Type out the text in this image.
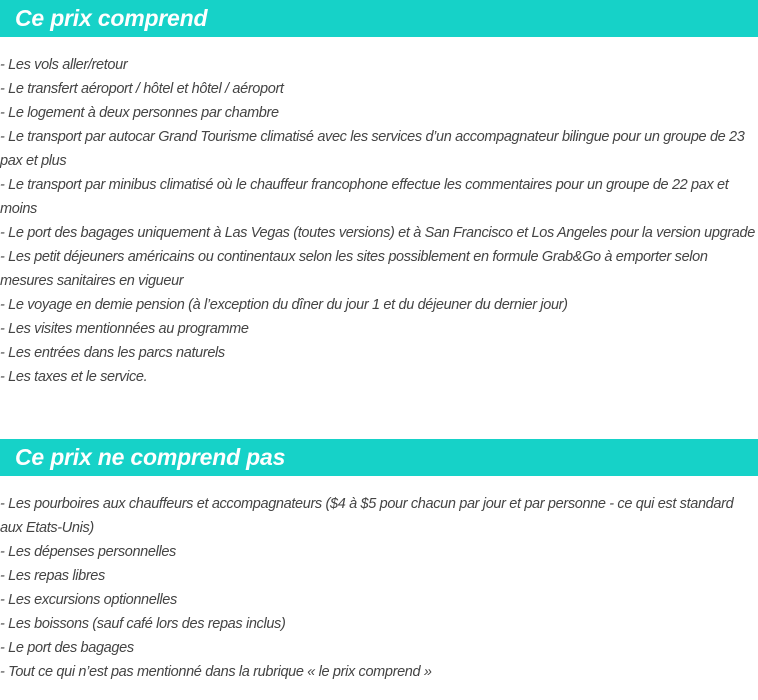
Ce prix comprend
- Les vols aller/retour
- Le transfert aéroport / hôtel et hôtel / aéroport
- Le logement à deux personnes par chambre
- Le transport par autocar Grand Tourisme climatisé avec les services d’un accompagnateur bilingue pour un groupe de 23 pax et plus
- Le transport par minibus climatisé où le chauffeur francophone effectue les commentaires pour un groupe de 22 pax et moins
- Le port des bagages uniquement à Las Vegas (toutes versions) et à San Francisco et Los Angeles pour la version upgrade
- Les petit déjeuners américains ou continentaux selon les sites possiblement en formule Grab&Go à emporter selon mesures sanitaires en vigueur
- Le voyage en demie pension (à l’exception du dîner du jour 1 et du déjeuner du dernier jour)
- Les visites mentionnées au programme
- Les entrées dans les parcs naturels
- Les taxes et le service.
Ce prix ne comprend pas
- Les pourboires aux chauffeurs et accompagnateurs ($4 à $5 pour chacun par jour et par personne - ce qui est standard aux Etats-Unis)
- Les dépenses personnelles
- Les repas libres
- Les excursions optionnelles
- Les boissons (sauf café lors des repas inclus)
- Le port des bagages
- Tout ce qui n’est pas mentionné dans la rubrique « le prix comprend »
